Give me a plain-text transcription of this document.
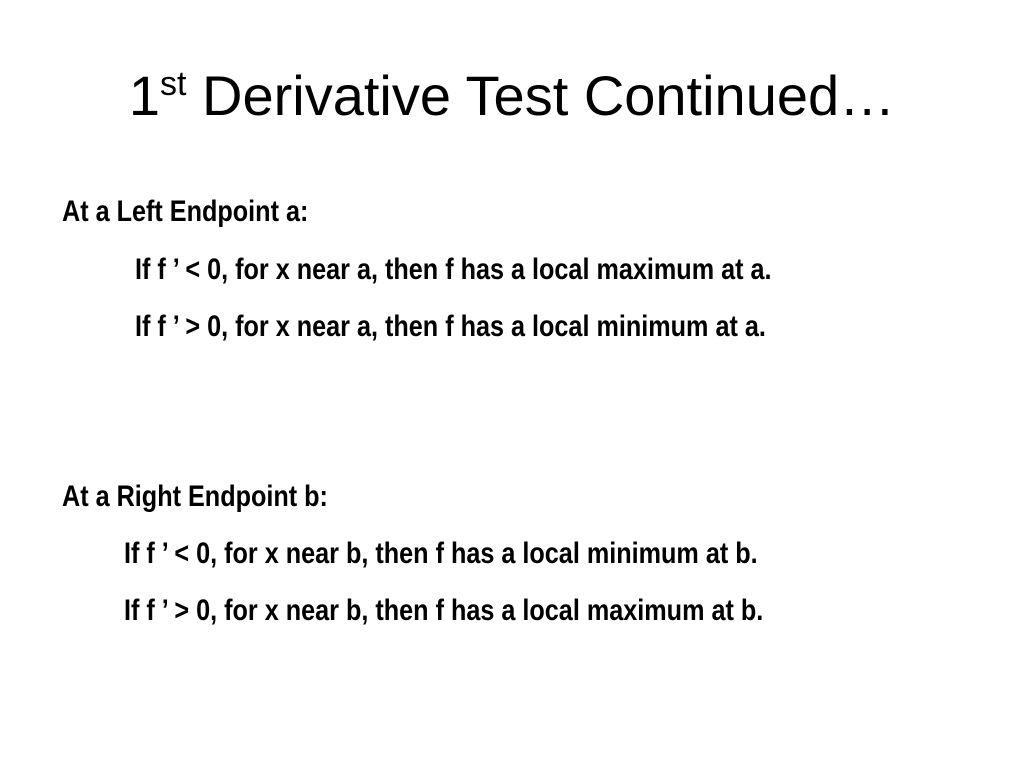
1st Derivative Test Continued…
At a Left Endpoint a:
If f ’ < 0, for x near a, then f has a local maximum at a.
If f ’ > 0, for x near a, then f has a local minimum at a.
At a Right Endpoint b:
If f ’ < 0, for x near b, then f has a local minimum at b.
If f ’ > 0, for x near b, then f has a local maximum at b.
